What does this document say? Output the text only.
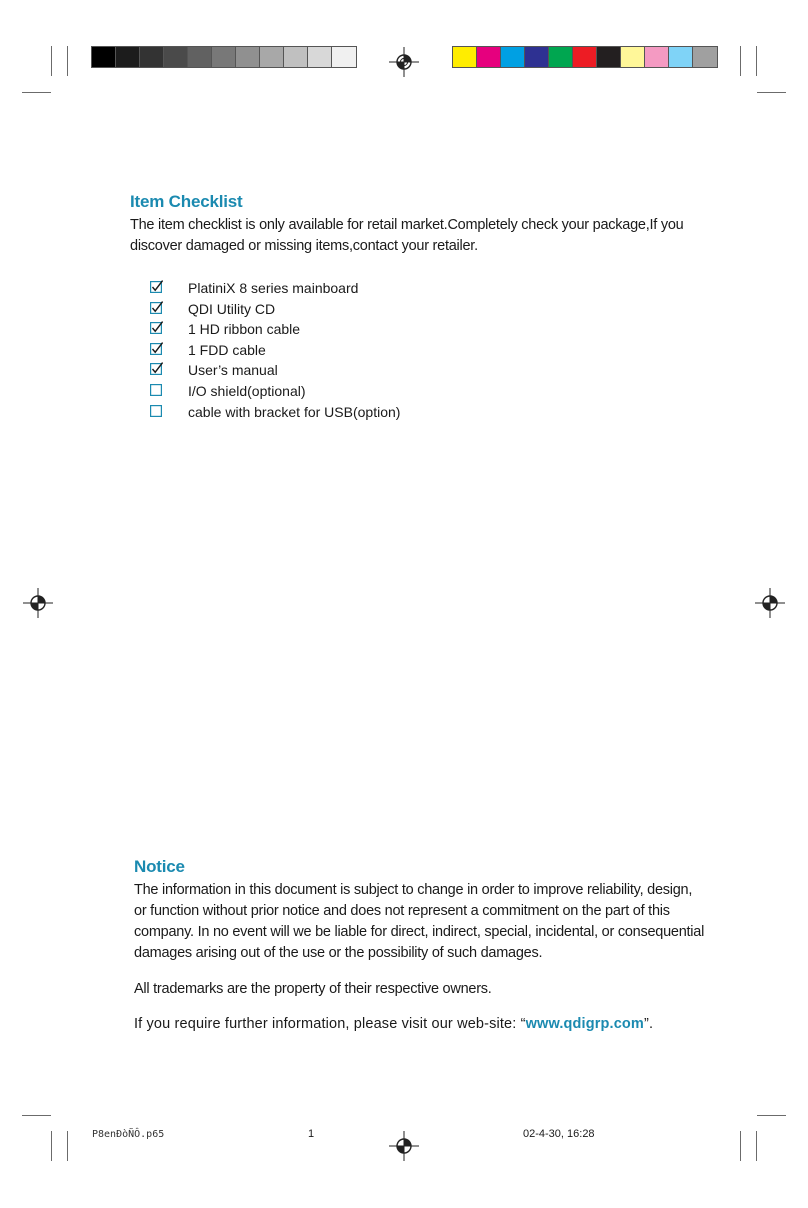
Item Checklist
The item checklist is only available for retail market.Completely check your package,If you discover damaged or missing items,contact your retailer.
PlatiniX 8 series mainboard
QDI Utility CD
1 HD ribbon cable
1 FDD cable
User’s manual
I/O shield(optional)
cable with bracket for USB(option)
Notice
The information in this document is subject to change in order to improve reliability, design, or function without prior notice and does not represent a commitment on the part of this company. In no event will we be liable for direct, indirect, special, incidental, or consequential damages arising out of the use or the possibility of such damages.
All trademarks are the property of their respective owners.
If you require further information, please visit our web-site: “www.qdigrp.com”.
P8enÐòÑÔ.p65	1	02-4-30, 16:28
